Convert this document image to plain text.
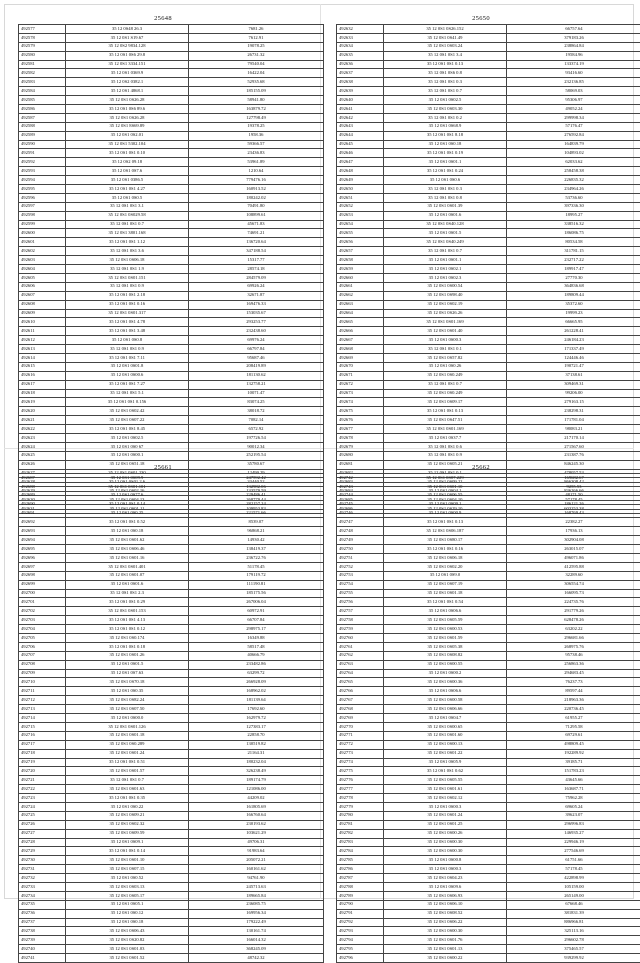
25648
492577	35 12 0S48 26.3	7681.26
492578	35 12 0S1 S19.67	7612.91
492579	35 12 0S2 9834.128	19078.25
492580	35 12 0S1 0S6 29.8	26731.32
492581	35 12 0S1 3334.151	79540.04
492582	35 12 0S1 0369.9	16422.04
492583	35 12 0S2 0382.1	52935.68
492584	35 12 0S1 4868.1	185155.09
492585	35 12 0S1 0S26.28	58941.80
492586	35 12 0S1 0S6 89.6	163879.72
492587	35 12 0S1 0S26.28	127798.49
492588	35 12 0S1 8S69.89	19378.25
492589	35 12 0S1 0S2.01	1958.36
492590	35 12 0S1 5302.104	59366.57
492591	35 12 0S1 0S1 0.10	23436.83
492592	35 12 0S2 09.18	53961.89
492593	35 12 0S1 0S7.6	1210.64
492594	35 12 0S1 0386.5	779476.16
492595	35 12 0S1 0S1 4.27	160913.52
492596	35 12 0S1 0S0.5	180242.02
492597	35 12 0S1 0S1 3.1	70491.80
492598	35 12 0S1 0S029.58	108899.61
492599	35 12 0S1 0S1 0.7	45671.83
492600	35 12 0S1 3801.168	74691.21
492601	35 12 0S1 0S1 1.12	136720.64
492602	35 12 0S1 0S1 3.6	347188.54
492603	35 12 0S1 0S06.18	15317.77
492604	35 12 0S1 0S1 1.9	28574.18
492605	35 12 0S1 0S01.151	284579.09
492606	35 12 0S1 0S1 0.9	69926.24
492607	35 12 0S1 0S1 2.18	32671.87
492608	35 12 0S1 0S1 0.16	169476.33
492609	35 12 0S1 0S01.317	153035.67
492610	35 12 0S1 0S1 4.78	293253.77
492611	35 12 0S1 0S1 3.48	232438.60
492612	35 12 0S1 0S0.8	69976.24
492613	35 12 0S1 0S1 0.9	66797.84
492614	35 12 0S1 0S1 7.11	95687.46
492615	35 12 0S1 0S01.8	208419.89
492616	35 12 0S1 0S00.6	181130.62
492617	35 12 0S1 0S1 7.27	132758.21
492618	35 12 0S1 0S1 5.1	10071.47
492619	35 12 0S1 0S1 0.156	83074.25
492620	35 12 0S1 0S02.42	38018.72
492621	35 12 0S1 0S07.22	7082.14
492622	35 12 0S1 0S1 8.45	6572.92
492623	35 12 0S1 0S02.5	197726.54
492624	35 12 0S1 0S0 67	90012.34
492625	35 12 0S1 0S00.1	252195.54
492626	35 12 0S1 0S51.18	35780.67
492627	35 12 0S1 0S01.230	12499.29
492628	35 12 0S1 0S01.2.6	33440.52
492629	35 12 0S1 0S02.16	133579.59
492630	35 12 0S1 0S04.13	268779.44
492631	35 12 0S1 0S01.11	109953.83
25650
492632	35 12 0S1 0S26.152	66757.64
492633	35 12 0S1 0S41.49	379183.26
492634	35 12 0S1 0S03.24	238864.84
492635	35 12 0S1 0S1 3.4	19584.96
492636	35 12 0S1 0S1 0.13	133374.19
492637	35 12 0S1 0S6 0.8	93416.60
492638	35 12 0S1 0S1 0.3	232136.85
492639	35 12 0S1 0S1 0.7	58069.03
492640	35 12 0S1 0S02.5	95306.97
492641	35 12 0S1 0S03.30	49052.24
492642	35 12 0S1 0S1 0.2	299998.34
492643	35 12 0S1 0S68.9	57176.47
492644	35 12 0S1 0S1 8.18	276592.84
492645	35 12 0S1 0S0.18	164839.79
492646	35 12 0S1 0S1 0.19	104893.02
492647	35 12 0S1 0S01.1	62033.62
492648	35 12 0S1 0S1 0.24	258458.38
492649	35 12 0S1 0S0.6	226835.32
492650	35 12 0S1 0S1 0.3	234964.26
492651	35 12 0S1 0S1 0.8	53736.60
492652	35 12 0S1 0S01.39	397336.30
492653	35 12 0S1 0S01.6	18995.27
492654	35 12 0S1 0S40.128	338516.32
492655	35 12 0S1 0S01.5	186086.75
492656	35 12 0S1 0S40.249	80534.58
492657	35 12 0S1 0S1 0.7	311781.15
492658	35 12 0S1 0S01.1	232717.22
492659	35 12 0S1 0S02.1	189917.47
492660	35 12 0S1 0S02.3	27770.30
492661	35 12 0S1 0S00.54	364836.68
492662	35 12 0S1 0S98.40	189809.44
492663	35 12 0S1 0S02.19	35372.60
492664	35 12 0S1 0S26.26	19999.23
492665	35 12 0S1 0S01.169	66665.95
492666	35 12 0S1 0S01.40	261228.41
492667	35 12 0S1 0S00.3	246184.23
492668	35 12 0S1 0S1 0.1	171337.49
492669	35 12 0S1 0S57.82	124446.46
492670	35 12 0S1 0S0.26	190721.47
492671	35 12 0S1 0S0.249	37138.61
492672	35 12 0S1 0S1 0.7	309469.31
492673	35 12 0S1 0S0.249	99206.00
492674	35 12 0S1 0S09.17	279163.15
492675	35 12 0S1 0S1 0.13	238298.31
492676	35 12 0S1 0S47.51	171781.04
492677	35 12 0S1 0S01.169	98083.21
492678	35 12 0S1 0S37.7	217170.14
492679	35 12 0S1 0S1 0.6	271567.60
492680	35 12 0S1 0S1 0.9	231387.76
492681	35 12 0S1 0S05.21	846245.30
492682	35 12 0S1 0S1 0.1	478057.53
492683	35 12 0S1 0S09.22	866308.42
492684	35 12 0S1 0S04.1	836266.66
492685	35 12 0S1 0S04.10	57178.45
492686	35 12 0S1 0S29.10	603253.38
25661
492687	35 12 0S1 0S09.9	247592.42
492688	35 12 0S1 0S01.101	132982.06
492689	35 12 0S1 0S77.6	229486.41
492690	35 12 0S1 0S1 0.14	282157.24
492691	35 12 0S1 0S0.25	221571.66
492692	35 12 0S1 0S1 0.52	8539.07
492693	35 12 0S1 0S0.18	96868.21
492694	35 12 0S1 0S01.62	14930.42
492695	35 12 0S1 0S06.46	138419.37
492696	35 12 0S1 0S01.16	236722.76
492697	35 12 0S1 0S01.401	51178.45
492698	35 12 0S1 0S01.07	179119.72
492699	35 12 0S1 0S01.6	111190.81
492700	35 12 0S1 0S1 2.3	185175.56
492701	35 12 0S1 0S1 0.29	267006.04
492702	35 12 0S1 0S01.153	60972.91
492703	35 12 0S1 0S1 4.13	66707.84
492704	35 12 0S1 0S1 0.12	298975.17
492705	35 12 0S1 0S0.174	16349.88
492706	35 12 0S1 0S1 0.18	58517.48
492707	35 12 0S1 0S01.26	40666.79
492708	35 12 0S1 0S01.5	233482.86
492709	35 12 0S1 0S7.63	63299.72
492710	35 12 0S1 0S70.18	266928.09
492711	35 12 0S1 0S0.35	168962.02
492712	35 12 0S1 0S82.24	181139.64
492713	35 12 0S1 0S07.50	17692.60
492714	35 12 0S1 0S00.0	162979.72
492715	35 12 0S1 0S01.126	127383.17
492716	35 12 0S1 0S01.18	22858.70
492717	35 12 0S1 0S0.289	130519.82
492718	35 12 0S1 0S01.24	21164.31
492719	35 12 0S1 0S1 0.51	180232.04
492720	35 12 0S1 0S01.57	326238.49
492721	35 12 0S1 0S1 0.7	189174.79
492722	35 12 0S1 0S01.63	121086.00
492723	35 12 0S1 0S1 0.35	44209.02
492724	35 12 0S1 0S0.22	161805.69
492725	35 12 0S1 0S09.21	166760.64
492726	35 12 0S1 0S02.32	230193.62
492727	35 12 0S1 0S09.59	103621.29
492728	35 12 0S1 0S09.1	49706.31
492729	35 12 0S1 0S1 0.14	91983.64
492730	35 12 0S1 0S01.10	205072.21
492731	35 12 0S1 0S07.15	160161.62
492732	35 12 0S1 0S0.52	94761.90
492733	35 12 0S1 0S03.13	245713.63
492734	35 12 0S1 0S05.17	189665.84
492735	35 12 0S1 0S05.1	236085.75
492736	35 12 0S1 0S0.12	169956.34
492737	35 12 0S1 0S0.18	179222.49
492738	35 12 0S1 0S06.43	130161.74
492739	35 12 0S1 0S20.82	166014.32
492740	35 12 0S1 0S01.03	368245.09
492741	35 12 0S1 0S01.52	48742.32
25662
492742	35 12 0S1 0S07.229	169682.67
492743	35 12 0S1 0S01.10	9255.53
492744	35 12 0S1 0S06.55	48171.50
492745	35 12 0S1 0S09.1	186121.26
492746	35 12 0S1 0S00.9	168769.43
492747	35 12 0S1 0S1 0.13	22382.27
492748	35 12 0S1 0S06.187	17936.13
492749	35 12 0S1 0S80.17	302904.08
492750	35 12 0S1 0S1 0.16	263015.07
492751	35 12 0S1 0S06.18	496071.86
492752	35 12 0S1 0S02.20	412595.88
492753	35 12 0S1 0S9.0	32289.60
492754	35 12 0S1 0S07.19	306554.74
492755	35 12 0S1 0S01.18	166095.73
492756	35 12 0S1 0S1 0.54	224735.76
492757	35 12 0S1 0S06.6	291779.26
492758	35 12 0S1 0S05.59	628478.26
492759	35 12 0S1 0S00.53	63202.22
492760	35 12 0S1 0S01.59	296681.66
492761	35 12 0S1 0S05.38	268975.76
492762	35 12 0S1 0S08.82	95738.46
492763	35 12 0S1 0S00.55	256863.36
492764	35 12 0S1 0S00.2	294683.45
492765	35 12 0S1 0S00.36	76237.73
492766	35 12 0S1 0S06.6	89597.44
492767	35 12 0S1 0S00.58	218963.36
492768	35 12 0S1 0S06.66	220736.45
492769	35 12 0S1 0S04.7	61955.27
492770	35 12 0S1 0S00.65	71295.58
492771	35 12 0S1 0S01.60	69729.61
492772	35 12 0S1 0S00.13	498809.45
492773	35 12 0S1 0S01.22	192289.92
492774	35 12 0S1 0S05.9	39185.71
492775	35 12 0S1 0S1 0.62	151783.23
492776	35 12 0S1 0S05.55	43645.66
492777	35 12 0S1 0S01.61	163687.71
492778	35 12 0S1 0S02.12	75962.28
492779	35 12 0S1 0S00.3	69605.24
492780	35 12 0S1 0S01.24	39623.07
492781	35 12 0S1 0S01.25	296996.83
492782	35 12 0S1 0S00.26	146935.27
492783	35 12 0S1 0S00.30	229946.19
492784	35 12 0S1 0S00.30	277546.69
492785	35 12 0S1 0S00.8	61751.66
492786	35 12 0S1 0S00.3	57178.45
492787	35 12 0S1 0S04.23	422898.99
492788	35 12 0S1 0S09.6	105159.00
492789	35 12 0S1 0S06.93	265149.00
492790	35 12 0S1 0S06.10	67668.46
492791	35 12 0S1 0S08.52	381831.39
492792	35 12 0S1 0S06.22	886966.81
492793	35 12 0S1 0S00.30	325113.16
492794	35 12 0S1 0S01.76	296602.78
492795	35 12 0S1 0S01.13	375465.57
492796	35 12 0S1 0S00.22	939299.92
